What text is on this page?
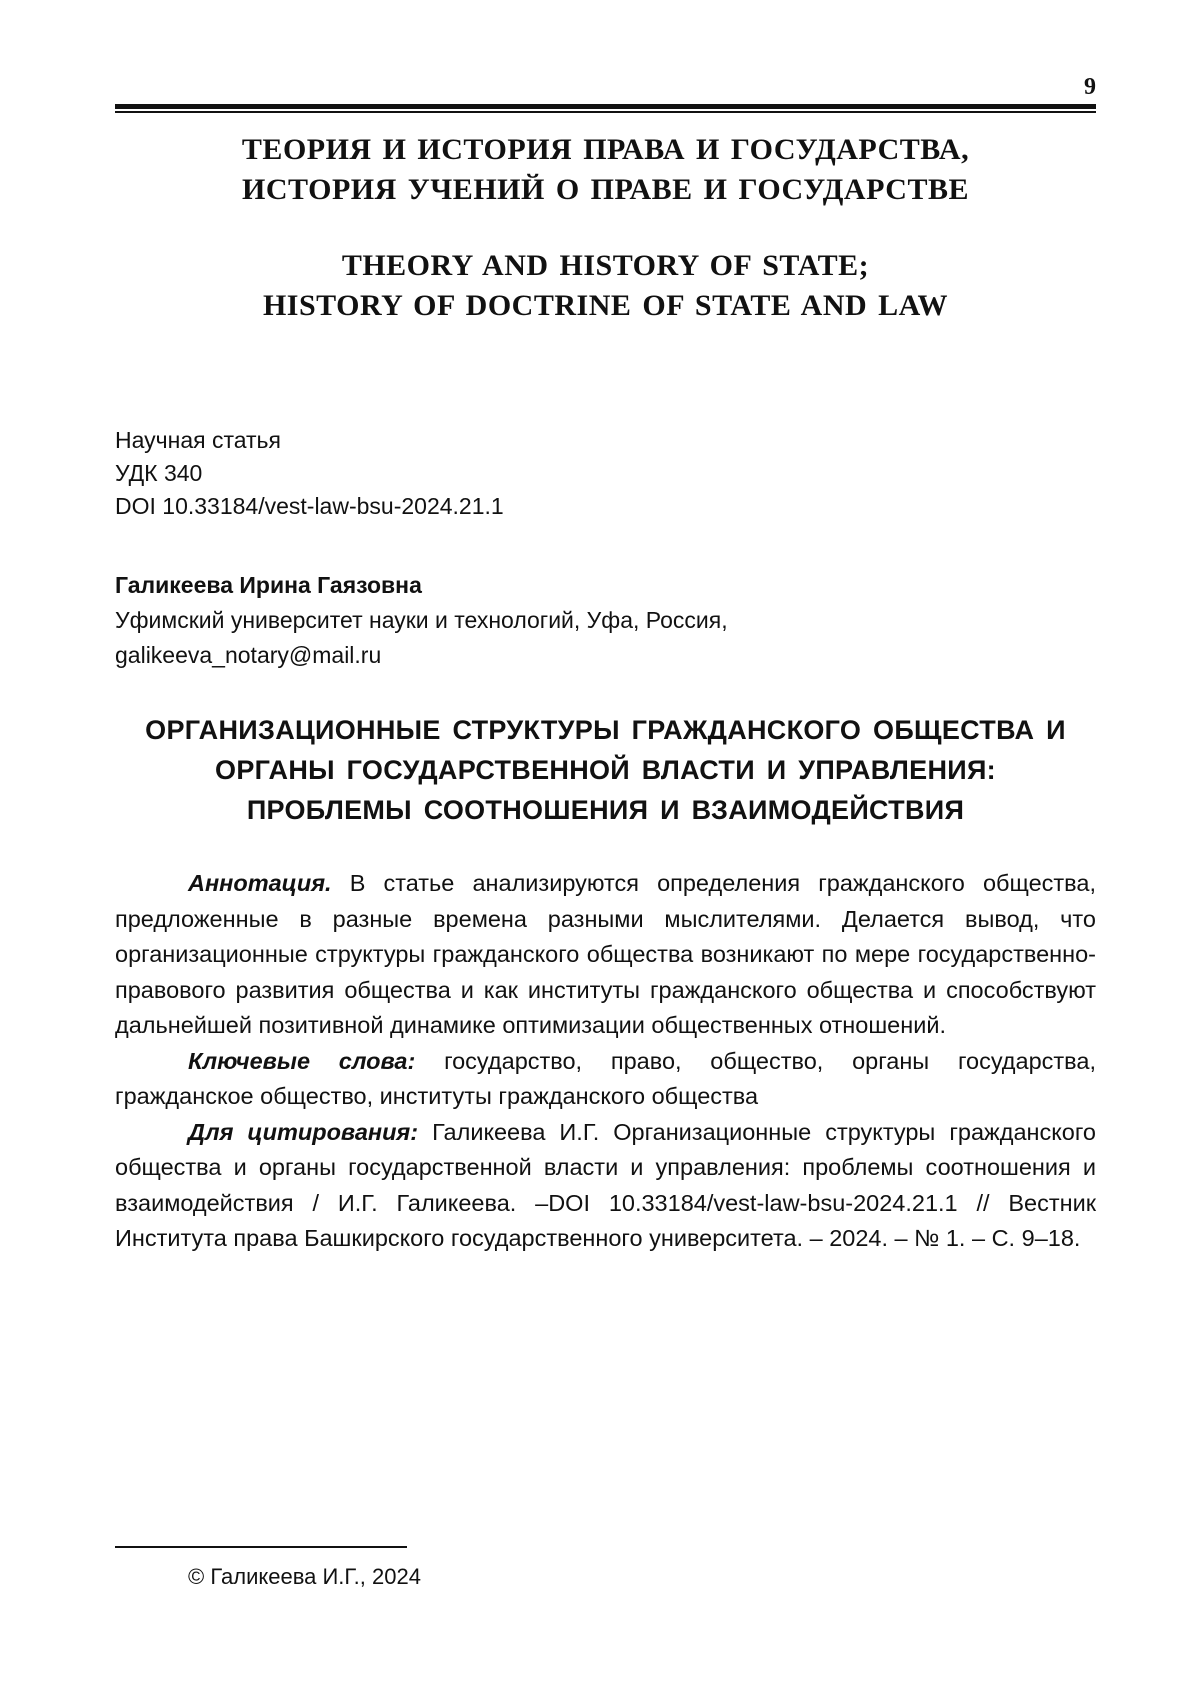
9
ТЕОРИЯ И ИСТОРИЯ ПРАВА И ГОСУДАРСТВА,
ИСТОРИЯ УЧЕНИЙ О ПРАВЕ И ГОСУДАРСТВЕ
THEORY AND HISTORY OF STATE;
HISTORY OF DOCTRINE OF STATE AND LAW
Научная статья
УДК 340
DOI 10.33184/vest-law-bsu-2024.21.1
Галикеева Ирина Гаязовна
Уфимский университет науки и технологий, Уфа, Россия,
galikeeva_notary@mail.ru
ОРГАНИЗАЦИОННЫЕ СТРУКТУРЫ ГРАЖДАНСКОГО ОБЩЕСТВА И
ОРГАНЫ ГОСУДАРСТВЕННОЙ ВЛАСТИ И УПРАВЛЕНИЯ:
ПРОБЛЕМЫ СООТНОШЕНИЯ И ВЗАИМОДЕЙСТВИЯ

Аннотация. В статье анализируются определения гражданского общества, предложенные в разные времена разными мыслителями. Делается вывод, что организационные структуры гражданского общества возникают по мере государственно-правового развития общества и как институты гражданского общества и способствуют дальнейшей позитивной динамике оптимизации общественных отношений.

Ключевые слова: государство, право, общество, органы государства, гражданское общество, институты гражданского общества

Для цитирования: Галикеева И.Г. Организационные структуры гражданского общества и органы государственной власти и управления: проблемы соотношения и взаимодействия / И.Г. Галикеева. –DOI 10.33184/vest-law-bsu-2024.21.1 // Вестник Института права Башкирского государственного университета. – 2024. – № 1. – С. 9–18.

© Галикеева И.Г., 2024
